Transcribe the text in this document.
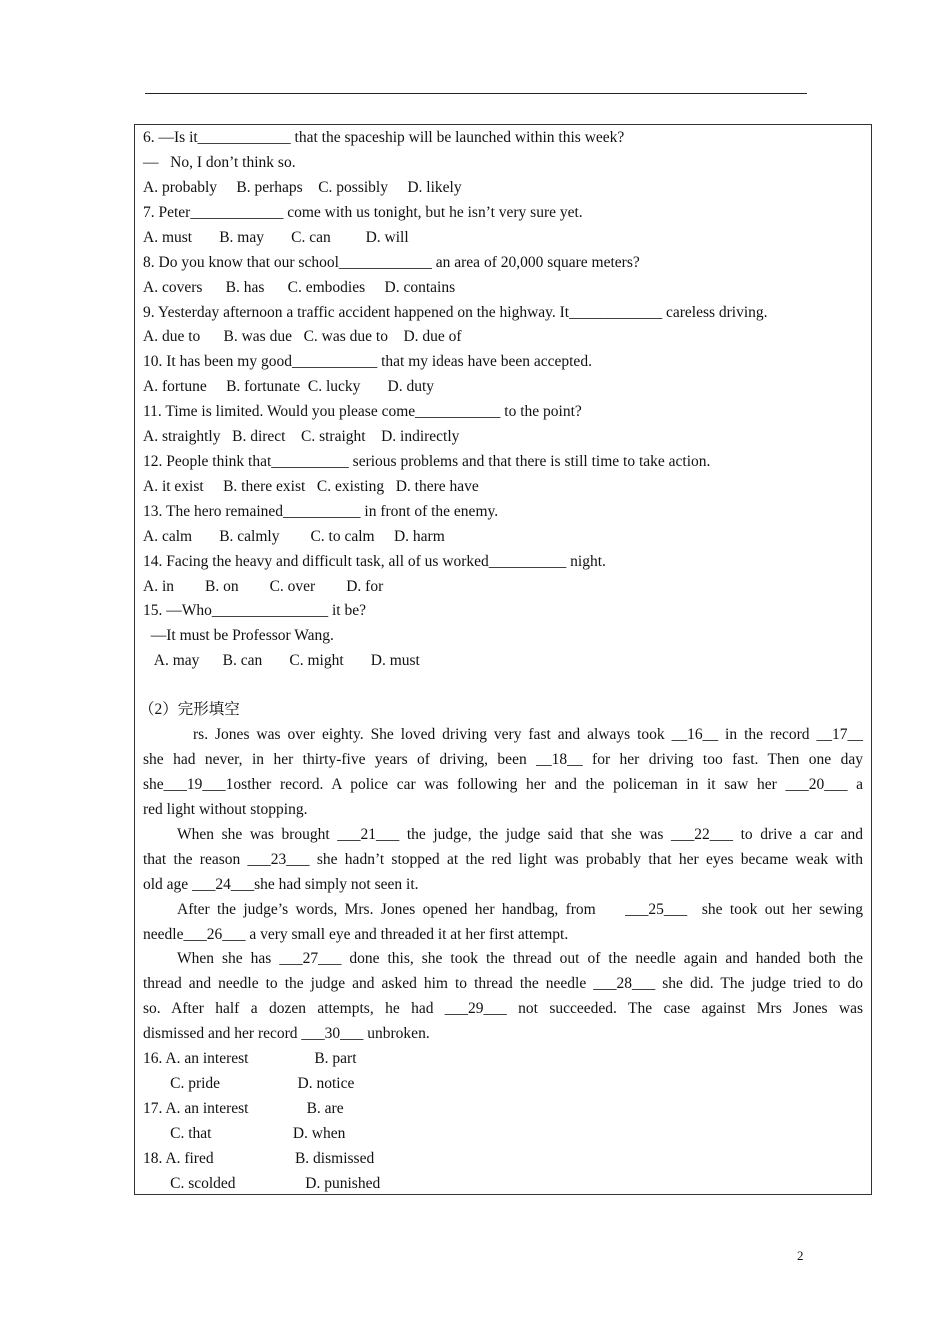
6. —Is it____________ that the spaceship will be launched within this week?
—   No, I don’t think so.
A. probably     B. perhaps    C. possibly     D. likely
7. Peter____________ come with us tonight, but he isn’t very sure yet.
A. must       B. may       C. can         D. will
8. Do you know that our school____________ an area of 20,000 square meters?
A. covers      B. has      C. embodies     D. contains
9. Yesterday afternoon a traffic accident happened on the highway. It____________ careless driving.
A. due to      B. was due   C. was due to    D. due of
10. It has been my good___________ that my ideas have been accepted.
A. fortune     B. fortunate  C. lucky       D. duty
11. Time is limited. Would you please come___________ to the point?
A. straightly   B. direct    C. straight    D. indirectly
12. People think that__________ serious problems and that there is still time to take action.
A. it exist     B. there exist   C. existing   D. there have
13. The hero remained__________ in front of the enemy.
A. calm       B. calmly        C. to calm     D. harm
14. Facing the heavy and difficult task, all of us worked__________ night.
A. in        B. on        C. over        D. for
15. —Who_______________ it be?
—It must be Professor Wang.
A. may      B. can       C. might       D. must
（2）完形填空
rs. Jones was over eighty. She loved driving very fast and always took __16__ in the record __17__
she had never, in her thirty-five years of driving, been __18__ for her driving too fast. Then one day
she___19___1osther record. A police car was following her and the policeman in it saw her ___20___ a
red light without stopping.
When she was brought ___21___ the judge, the judge said that she was ___22___ to drive a car and
that the reason ___23___ she hadn’t stopped at the red light was probably that her eyes became weak with
old age ___24___she had simply not seen it.
After the judge’s words, Mrs. Jones opened her handbag, from    ___25___  she took out her sewing
needle___26___ a very small eye and threaded it at her first attempt.
When she has ___27___ done this, she took the thread out of the needle again and handed both the
thread and needle to the judge and asked him to thread the needle ___28___ she did. The judge tried to do
so. After half a dozen attempts, he had ___29___ not succeeded. The case against Mrs Jones was
dismissed and her record ___30___ unbroken.
16. A. an interest                 B. part
C. pride                    D. notice
17. A. an interest               B. are
C. that                     D. when
18. A. fired                     B. dismissed
C. scolded                  D. punished
2
